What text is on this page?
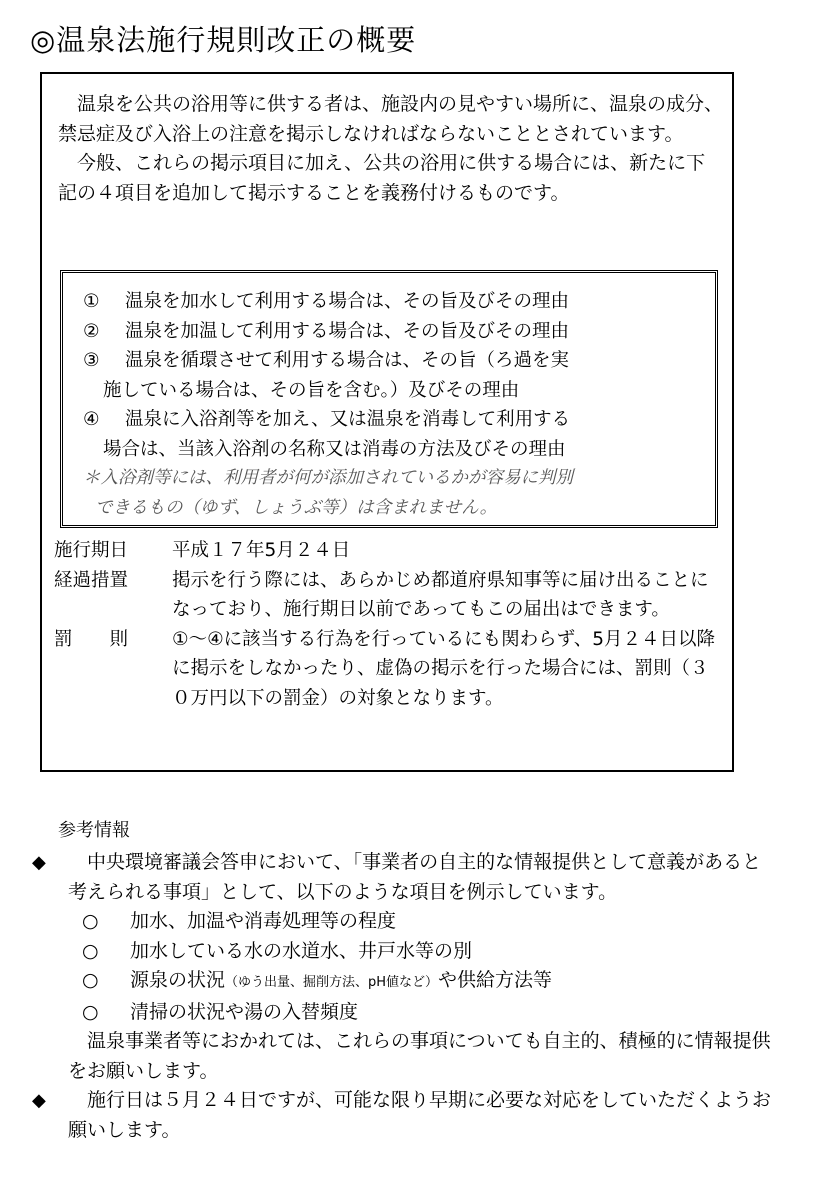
◎温泉法施行規則改正の概要

温泉を公共の浴用等に供する者は、施設内の見やすい場所に、温泉の成分、禁忌症及び入浴上の注意を掲示しなければならないこととされています。

今般、これらの掲示項目に加え、公共の浴用に供する場合には、新たに下記の４項目を追加して掲示することを義務付けるものです。

① 温泉を加水して利用する場合は、その旨及びその理由

② 温泉を加温して利用する場合は、その旨及びその理由

③ 温泉を循環させて利用する場合は、その旨（ろ過を実

施している場合は、その旨を含む。）及びその理由

④ 温泉に入浴剤等を加え、又は温泉を消毒して利用する

場合は、当該入浴剤の名称又は消毒の方法及びその理由

＊入浴剤等には、利用者が何が添加されているかが容易に判別

できるもの（ゆず、しょうぶ等）は含まれません。

施行期日	平成１７年5月２４日
経過措置	掲示を行う際には、あらかじめ都道府県知事等に届け出ることになっており、施行期日以前であってもこの届出はできます。
罰　　則	①～④に該当する行為を行っているにも関わらず、5月２４日以降に掲示をしなかったり、虚偽の掲示を行った場合には、罰則（３０万円以下の罰金）の対象となります。

参考情報

◆	中央環境審議会答申において、「事業者の自主的な情報提供として意義があると考えられる事項」として、以下のような項目を例示しています。
○	加水、加温や消毒処理等の程度
○	加水している水の水道水、井戸水等の別
○	源泉の状況（ゆう出量、掘削方法、pH値など）や供給方法等
○	清掃の状況や湯の入替頻度

温泉事業者等におかれては、これらの事項についても自主的、積極的に情報提供をお願いします。

◆	施行日は５月２４日ですが、可能な限り早期に必要な対応をしていただくようお願いします。
